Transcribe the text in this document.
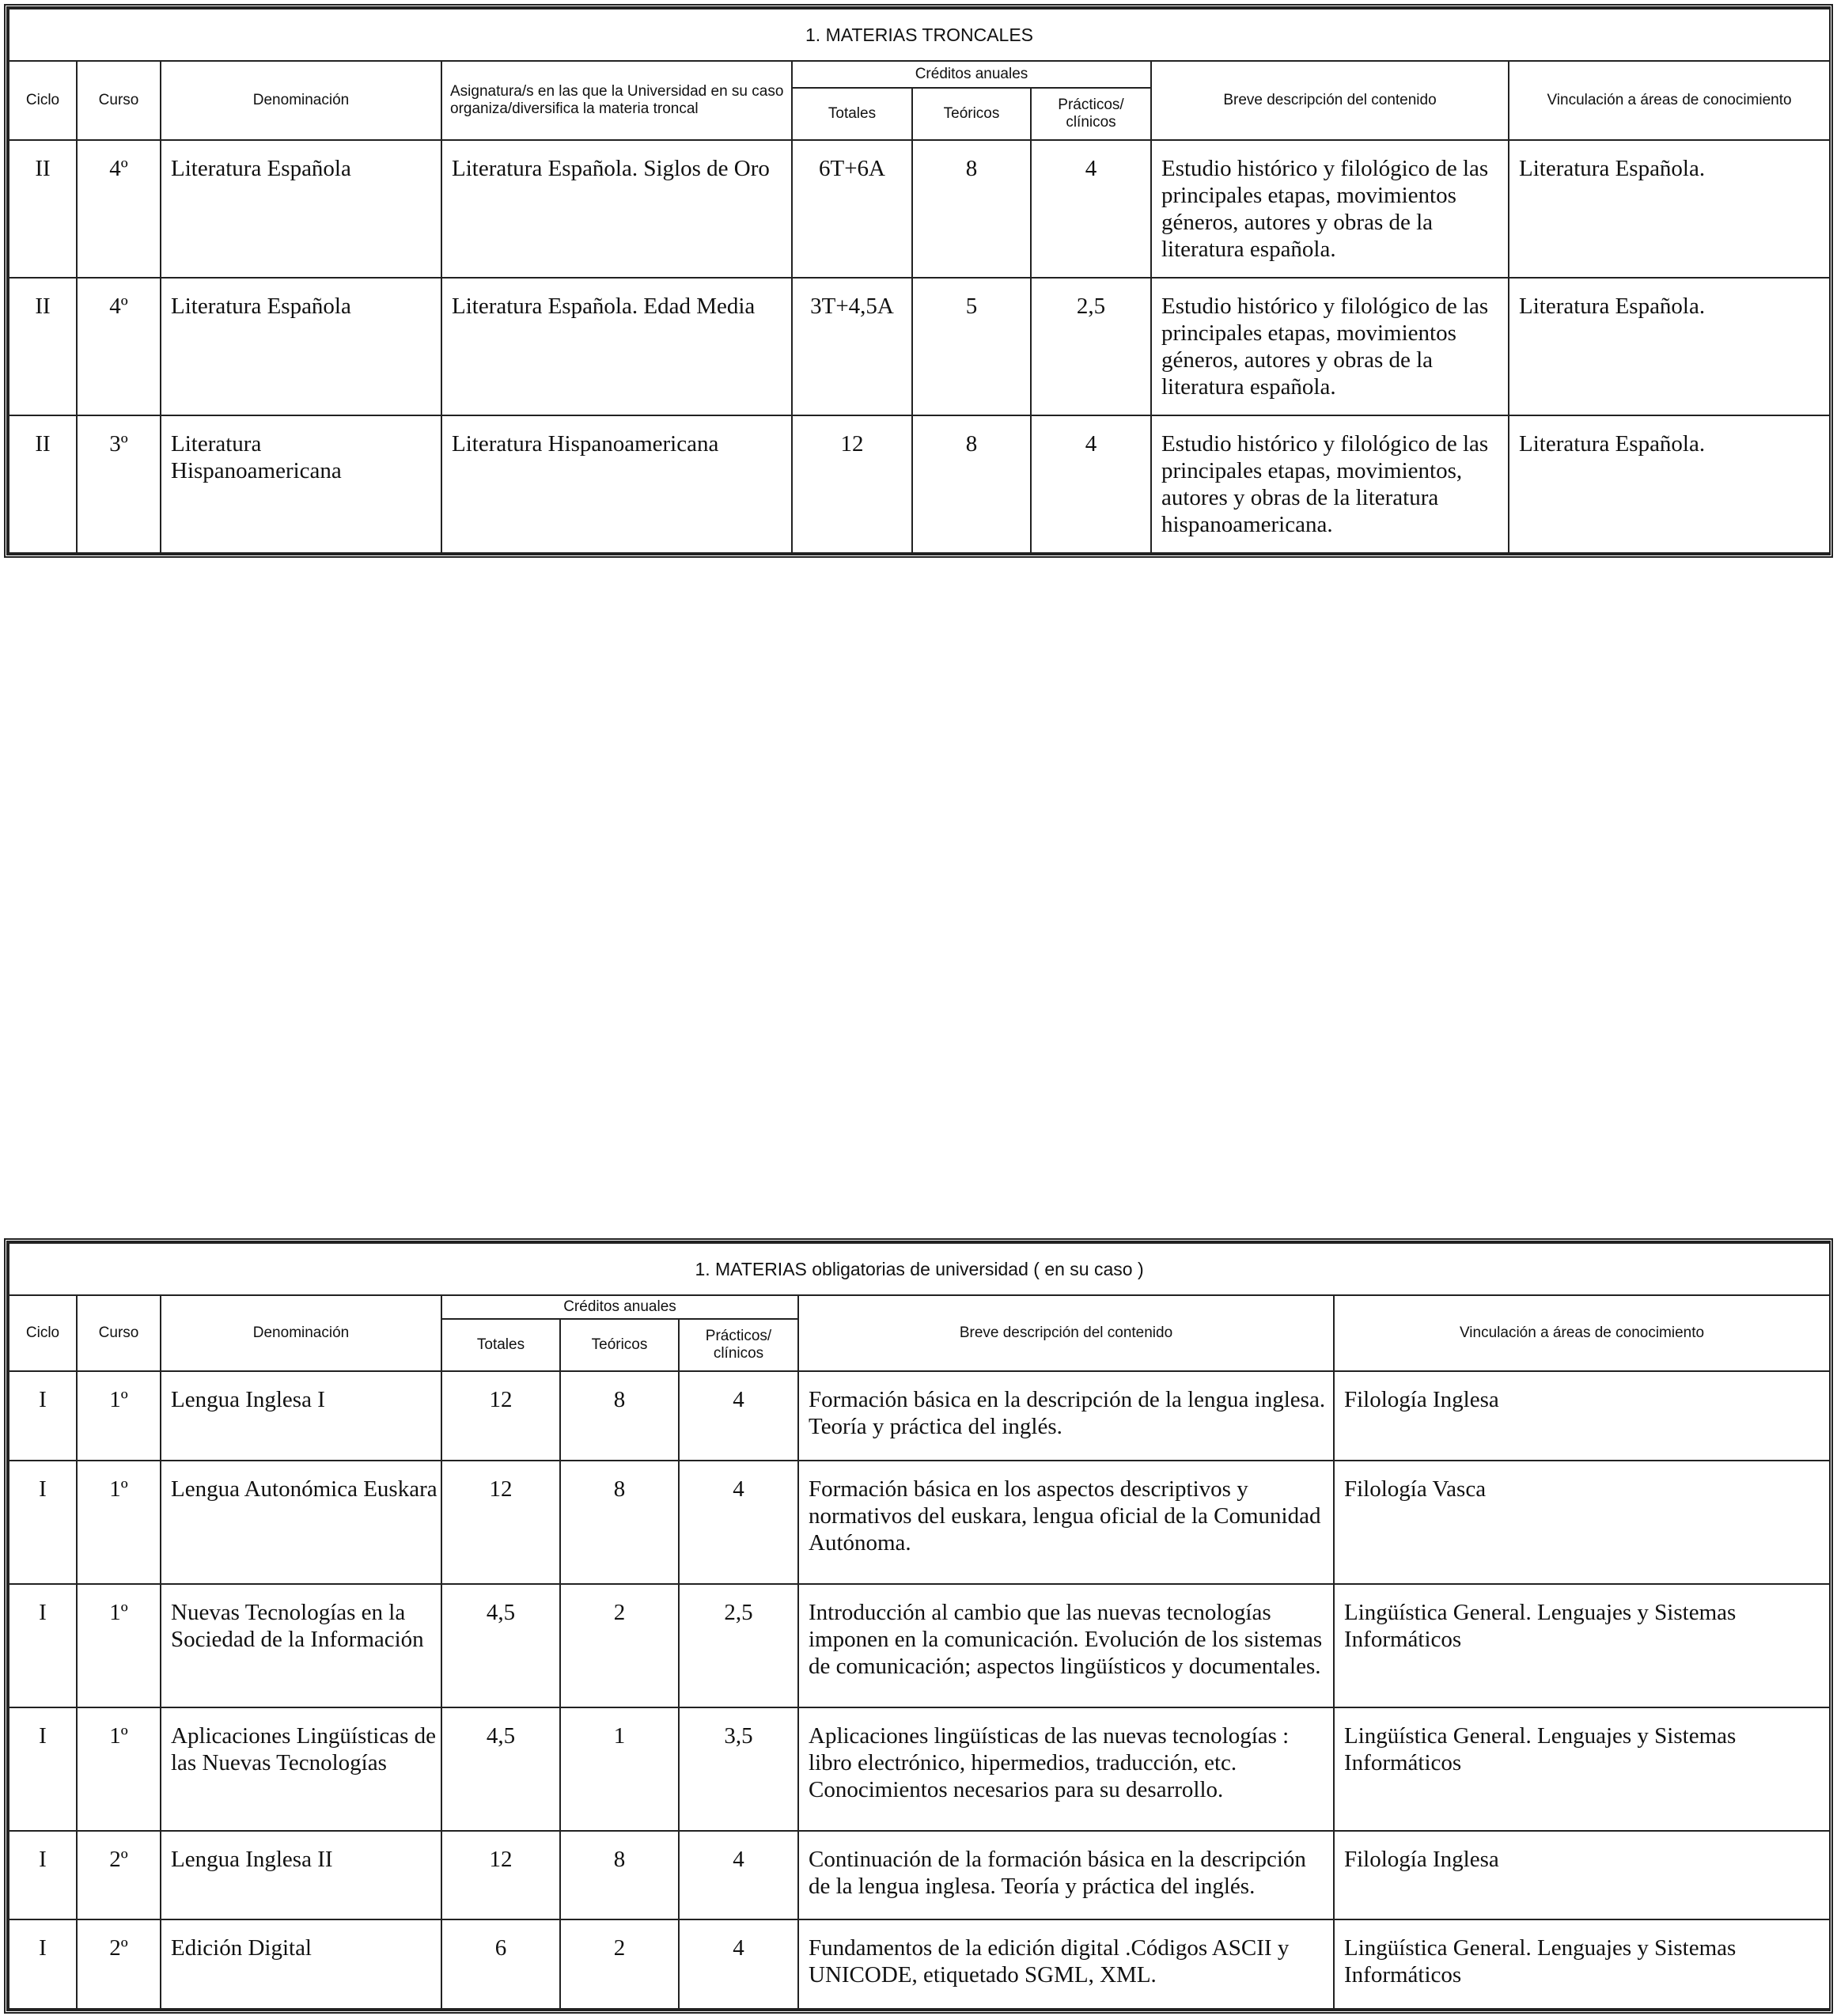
1. MATERIAS TRONCALES								
Ciclo	Curso	Denominación	Asignatura/s en las que la Universidad en su caso organiza/diversifica la materia troncal	Créditos anuales			Breve descripción del contenido	Vinculación a áreas de conocimiento
				Totales	Teóricos	Prácticos/ clínicos		
II	4º	Literatura Española	Literatura Española. Siglos de Oro	6T+6A	8	4	Estudio histórico y filológico de las principales etapas, movimientos géneros, autores y obras de la literatura española.	Literatura Española.
II	4º	Literatura Española	Literatura Española. Edad Media	3T+4,5A	5	2,5	Estudio histórico y filológico de las principales etapas, movimientos géneros, autores y obras de la literatura española.	Literatura Española.
II	3º	Literatura Hispanoamericana	Literatura Hispanoamericana	12	8	4	Estudio histórico y filológico de las principales etapas, movimientos, autores y obras de la literatura hispanoamericana.	Literatura Española.
1. MATERIAS obligatorias de universidad ( en su caso )							
Ciclo	Curso	Denominación	Créditos anuales			Breve descripción del contenido	Vinculación a áreas de conocimiento
			Totales	Teóricos	Prácticos/ clínicos		
I	1º	Lengua Inglesa I	12	8	4	Formación básica en la descripción de la lengua inglesa. Teoría y práctica del inglés.	Filología Inglesa
I	1º	Lengua Autonómica Euskara	12	8	4	Formación básica en los aspectos descriptivos y normativos del euskara, lengua oficial de la Comunidad Autónoma.	Filología Vasca
I	1º	Nuevas Tecnologías en la Sociedad de la Información	4,5	2	2,5	Introducción al cambio que las nuevas tecnologías imponen en la comunicación. Evolución de los sistemas de comunicación; aspectos lingüísticos y documentales.	Lingüística General. Lenguajes y Sistemas Informáticos
I	1º	Aplicaciones Lingüísticas de las Nuevas Tecnologías	4,5	1	3,5	Aplicaciones lingüísticas de las nuevas tecnologías : libro electrónico, hipermedios, traducción, etc. Conocimientos necesarios para su desarrollo.	Lingüística General. Lenguajes y Sistemas Informáticos
I	2º	Lengua Inglesa II	12	8	4	Continuación de la formación básica en la descripción de la lengua inglesa. Teoría y práctica del inglés.	Filología Inglesa
I	2º	Edición Digital	6	2	4	Fundamentos de la edición digital .Códigos ASCII y UNICODE, etiquetado SGML, XML.	Lingüística General. Lenguajes y Sistemas Informáticos
